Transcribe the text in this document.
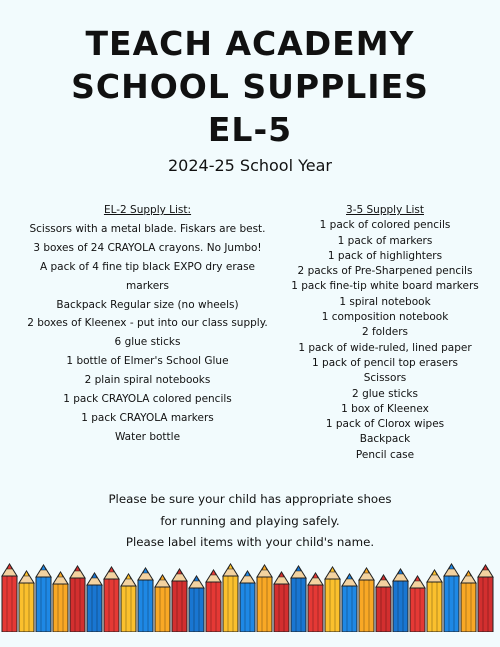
TEACH ACADEMY
SCHOOL SUPPLIES
EL-5
2024-25 School Year
EL-2 Supply List:
Scissors with a metal blade. Fiskars are best.
3 boxes of 24 CRAYOLA crayons. No Jumbo!
A pack of 4 fine tip black EXPO dry erase
markers
Backpack Regular size (no wheels)
2 boxes of Kleenex - put into our class supply.
6 glue sticks
1 bottle of Elmer's School Glue
2 plain spiral notebooks
1 pack CRAYOLA colored pencils
1 pack CRAYOLA markers
Water bottle
3-5 Supply List
1 pack of colored pencils
1 pack of markers
1 pack of highlighters
2 packs of Pre-Sharpened pencils
1 pack fine-tip white board markers
1 spiral notebook
1 composition notebook
2 folders
1 pack of wide-ruled, lined paper
1 pack of pencil top erasers
Scissors
2 glue sticks
1 box of Kleenex
1 pack of Clorox wipes
Backpack
Pencil case
Please be sure your child has appropriate shoes
for running and playing safely.
Please label items with your child's name.
